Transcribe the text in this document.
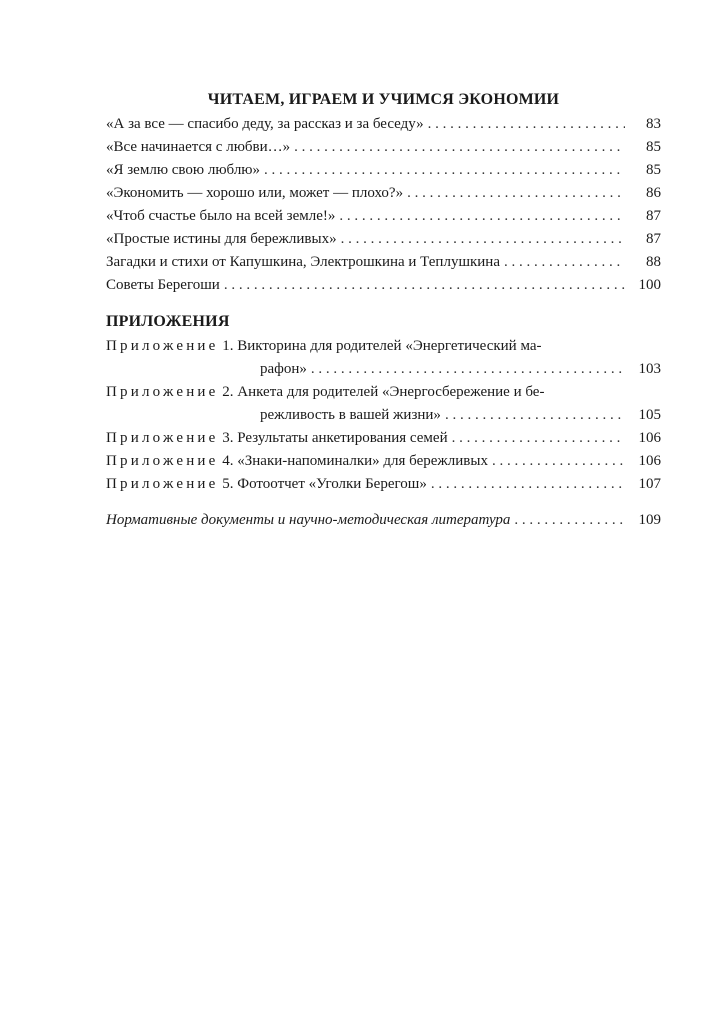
ЧИТАЕМ, ИГРАЕМ И УЧИМСЯ ЭКОНОМИИ
«А за все — спасибо деду, за рассказ и за беседу» . . .	83
«Все начинается с любви…» . . .	85
«Я землю свою люблю» . . .	85
«Экономить — хорошо или, может — плохо?» . . .	86
«Чтоб счастье было на всей земле!» . . .	87
«Простые истины для бережливых» . . .	87
Загадки и стихи от Капушкина, Электрошкина и Теплушкина . . .	88
Советы Берегоши . . .	100
ПРИЛОЖЕНИЯ
Приложение 1. Викторина для родителей «Энергетический ма-
рафон» . . .	103
Приложение 2. Анкета для родителей «Энергосбережение и бе-
режливость в вашей жизни» . . .	105
Приложение 3. Результаты анкетирования семей . . .	106
Приложение 4. «Знаки-напоминалки» для бережливых . . .	106
Приложение 5. Фотоотчет «Уголки Берегош» . . .	107
Нормативные документы и научно-методическая литература . . .	109
